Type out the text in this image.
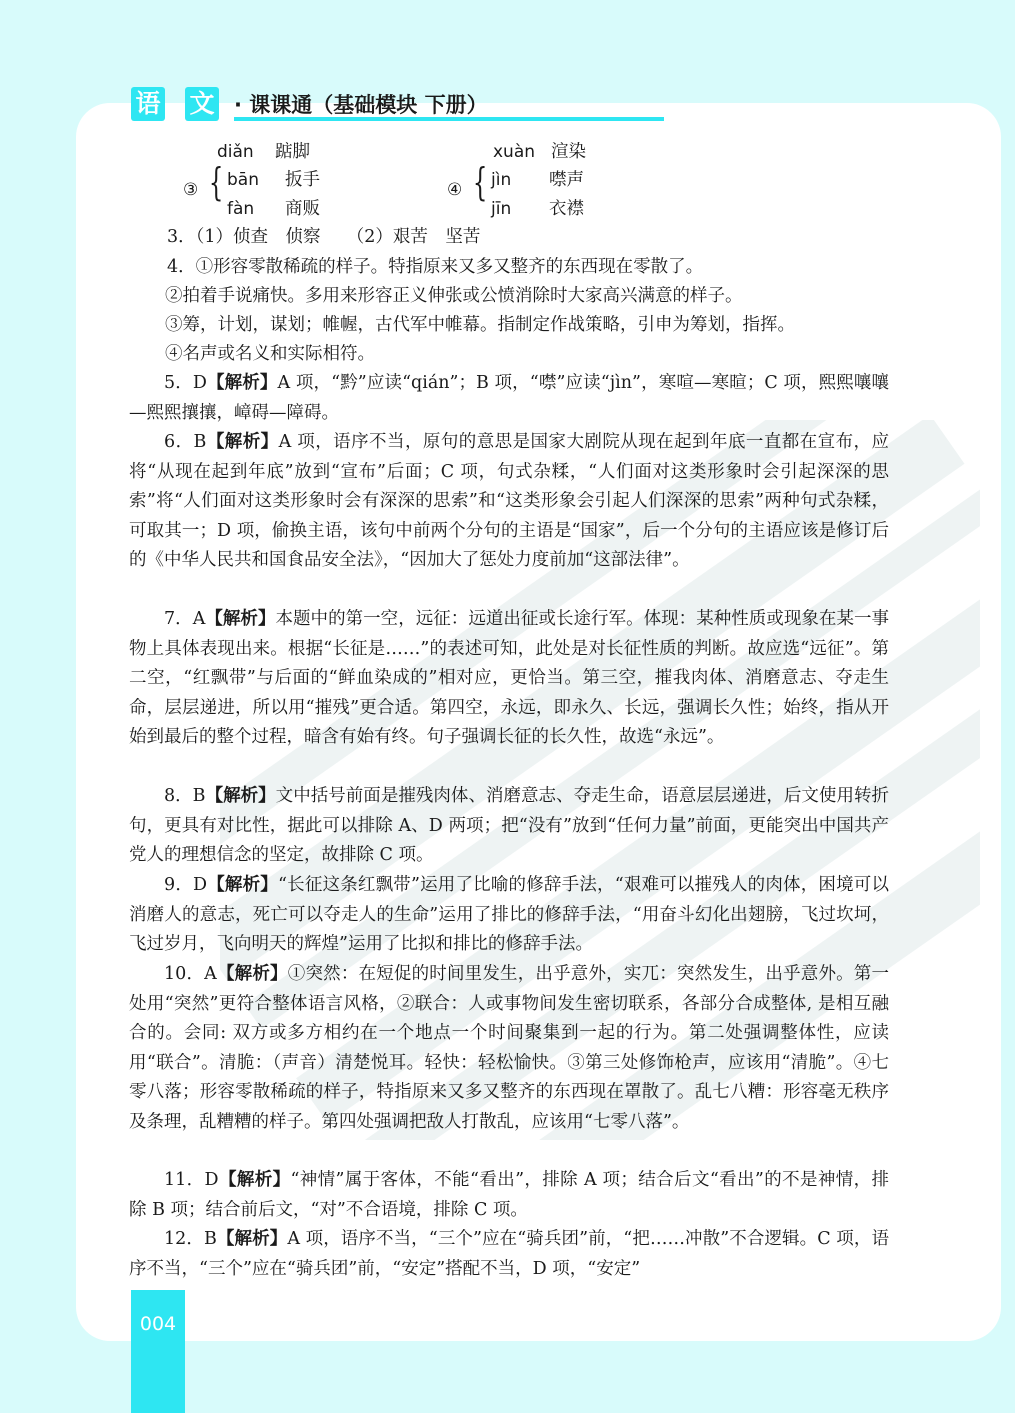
语 文 · 课课通（基础模块 下册）
diǎn 踮脚	xuàn 渲染
③ { bān 扳手
fàn 商贩
④ { jìn 噤声
jīn 衣襟
3．（1）侦查　侦察　　（2）艰苦　坚苦
4．①形容零散稀疏的样子。特指原来又多又整齐的东西现在零散了。
②拍着手说痛快。多用来形容正义伸张或公愤消除时大家高兴满意的样子。
③筹，计划，谋划；帷幄，古代军中帷幕。指制定作战策略，引申为筹划，指挥。
④名声或名义和实际相符。
5．D【解析】A 项，“黔”应读“qián”；B 项，“噤”应读“jìn”，寒喧—寒暄；C 项，熙熙嚷嚷—熙熙攘攘，嶂碍—障碍。
6．B【解析】A 项，语序不当，原句的意思是国家大剧院从现在起到年底一直都在宣布，应将“从现在起到年底”放到“宣布”后面；C 项，句式杂糅，“人们面对这类形象时会引起深深的思索”将“人们面对这类形象时会有深深的思索”和“这类形象会引起人们深深的思索”两种句式杂糅，可取其一；D 项，偷换主语，该句中前两个分句的主语是“国家”，后一个分句的主语应该是修订后的《中华人民共和国食品安全法》，“因加大了惩处力度前加“这部法律”。
7．A【解析】本题中的第一空，远征：远道出征或长途行军。体现：某种性质或现象在某一事物上具体表现出来。根据“长征是……”的表述可知，此处是对长征性质的判断。故应选“远征”。第二空，“红飘带”与后面的“鲜血染成的”相对应，更恰当。第三空，摧我肉体、消磨意志、夺走生命，层层递进，所以用“摧残”更合适。第四空，永远，即永久、长远，强调长久性；始终，指从开始到最后的整个过程，暗含有始有终。句子强调长征的长久性，故选“永远”。
8．B【解析】文中括号前面是摧残肉体、消磨意志、夺走生命，语意层层递进，后文使用转折句，更具有对比性，据此可以排除 A、D 两项；把“没有”放到“任何力量”前面，更能突出中国共产党人的理想信念的坚定，故排除 C 项。
9．D【解析】“长征这条红飘带”运用了比喻的修辞手法，“艰难可以摧残人的肉体，困境可以消磨人的意志，死亡可以夺走人的生命”运用了排比的修辞手法，“用奋斗幻化出翅膀，飞过坎坷，飞过岁月，飞向明天的辉煌”运用了比拟和排比的修辞手法。
10．A【解析】①突然：在短促的时间里发生，出乎意外，实兀：突然发生，出乎意外。第一处用“突然”更符合整体语言风格，②联合：人或事物间发生密切联系，各部分合成整体, 是相互融合的。会同: 双方或多方相约在一个地点一个时间聚集到一起的行为。第二处强调整体性，应读用“联合”。清脆：（声音）清楚悦耳。轻快：轻松愉快。③第三处修饰枪声，应该用“清脆”。④七零八落；形容零散稀疏的样子，特指原来又多又整齐的东西现在罩散了。乱七八糟：形容毫无秩序及条理，乱糟糟的样子。第四处强调把敌人打散乱，应该用“七零八落”。
11．D【解析】“神情”属于客体，不能“看出”，排除 A 项；结合后文“看出”的不是神情，排除 B 项；结合前后文，“对”不合语境，排除 C 项。
12．B【解析】A 项，语序不当，“三个”应在“骑兵团”前，“把……冲散”不合逻辑。C 项，语序不当，“三个”应在“骑兵团”前，“安定”搭配不当，D 项，“安定”
004
